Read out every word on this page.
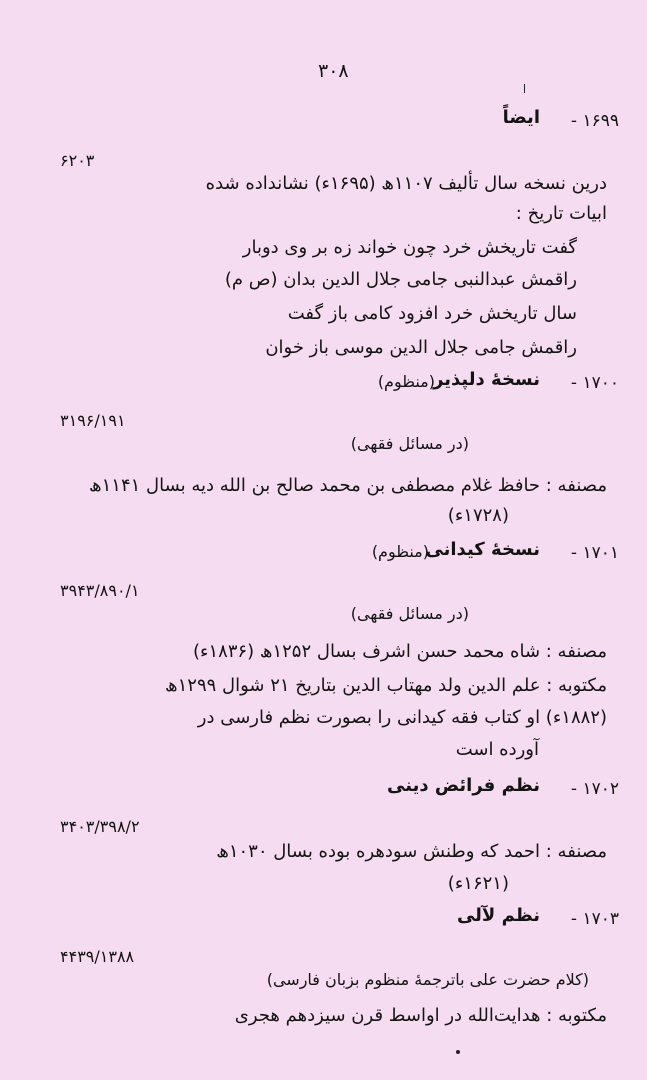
۳۰۸
۱۶۹۹ -
ایضاً
۶۲۰۳
درین نسخه سال تألیف ۱۱۰۷ھ (۱۶۹۵ء) نشانداده شده
ابیات تاریخ :
گفت تاریخش خرد چون خواند زه بر وی دوبار
راقمش عبدالنبی جامی جلال الدین بدان (ص م)
سال تاریخش خرد افزود کامی باز گفت
راقمش جامی جلال الدین موسی باز خوان
۱۷۰۰ -
نسخهٔ دلپذیر
(منظوم)
۳۱۹۶/۱۹۱
(در مسائل فقهی)
مصنفه : حافظ غلام مصطفی بن محمد صالح بن الله دیه بسال ۱۱۴۱ھ
(۱۷۲۸ء)
۱۷۰۱ -
نسخهٔ کیدانی
(منظوم)
۳۹۴۳/۸۹۰/۱
(در مسائل فقهی)
مصنفه : شاه محمد حسن اشرف بسال ۱۲۵۲ھ (۱۸۳۶ء)
مکتوبه : علم الدین ولد مهتاب الدین بتاریخ ۲۱ شوال ۱۲۹۹ھ
(۱۸۸۲ء) او کتاب فقه کیدانی را بصورت نظم فارسی در
آورده است
۱۷۰۲ -
نظم فرائض دینی
۳۴۰۳/۳۹۸/۲
مصنفه : احمد که وطنش سودهره بوده بسال ۱۰۳۰ھ
(۱۶۲۱ء)
۱۷۰۳ -
نظم لآلی
۴۴۳۹/۱۳۸۸
(کلام حضرت علی باترجمهٔ منظوم بزبان فارسی)
مکتوبه : هدایت‌الله در اواسط قرن سیزدهم هجری
